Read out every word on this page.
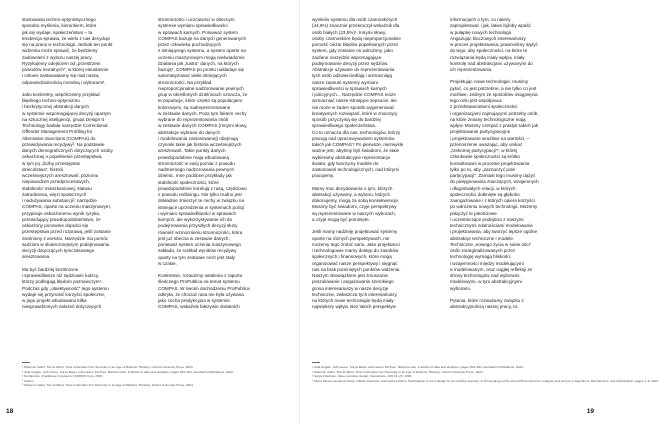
stosowania techno-optymistycznego
sposobu myślenia, kierunkiem, które
jak się wydaje, społeczeństwo – ta
tendencja sprawia, że wielu z nas decyduje
się na pracę w technologii. Jednak ten punkt
widzenia może sprawić, że będziemy
zadowoleni z wyboru naszej pracy.
Ryzykujemy odejściem od „przestrzeni
powodów moralnych”, w której nieustannie
i celowo zastanawiamy się nad naszą
odpowiedzialnością moralną i wyborami¹.

Jako konkretny, współczesny przykład
błędnego techno-optymizmu
i bezkrytycznej abstrakcji danych
w systemie wspomagającej decyzji opartym
na sztucznej inteligencji, grupa Design It
Technology badała narzędzie Correctional
Offender Management Profiling for
Alternative Sanctions (COMPAS) do
przewidywania recydywy². Na podstawie
danych demograficznych dotyczących osoby
oskarżonej o popełnienie przestępstwa,
w tym jej „liczby przestępstw
dzieciństwa”, historii
wcześniejszych aresztowań, poziomu
niepowodzeń przedprocesowych,
stabilności mieszkaniowej, statusu
zatrudnienia, więzi społecznych
i nadużywania substancji³, narzędzie
COMPAS, oparte na uczeniu maszynowym,
przypisuje oskarżonemu wynik ryzyka,
przewidujący prawdopodobieństwo, że
oskarżony ponownie dopuści się
przestępstwa przed rozprawą, jeśli zostanie
zwolniony z aresztu. Narzędzie ma pomóc
sędziom w skuteczniejszym podejmowaniu
decyzji dotyczących tymczasowego
aresztowania.

Ma być bardziej bezstronne
i sprawiedliwsze niż sędziowie ludzcy,
którzy podlegają błędom poznawczym⁴.
Podczas gdy „obiektywność” tego systemu
wydaje się przynosić korzyści społeczne,
w jego projekt wbudowano kilka
niesprawdzonych założeń dotyczących

stronniczości i uczciwości w obecnym
systemie wymiaru sprawiedliwości
w sprawach karnych. Ponieważ system
COMPAS bazuje na danych generowanych
przez człowieka pochodzących
z istniejącego systemu, a system oparte na
uczeniu maszynowym mogą nieświadomie
działania jak „lustra” danych, na których
bazują⁵, COMPAS po prostu naśladuje się
automatyzować wiele istniejących
stronniczości. Na przykład
nieproporcjonalne nadzorowanie pewnych
grup w określonych dzielnicach oznacza, że
te populacje, które często są populacjami
kolorowymi, są nadreprezentowane
w zestawie danych. Poza tym faktem cechy
wybrane do reprezentowania osób
w zestawie danych COMPAS (mnymi słowy,
abstrakcje wybrane do danych
i modelowania zastosowanej) obejmują
czynniki takie jak historia wcześniejszych
aresztowań. Takie punkty danych
prawdopodobnie mają wbudowaną
stronniczość w swój pomiar z powodu
nadmiernego nadzorowania pewnych
dzielnic. Inne podobne przykłady jak
stabilność społeczności, które
prawdopodobnie korelują z rasą, częściowo
z powodu redliningu. Nie tylko trudno jest
dokładnie zmierzyć te cechy w związku na
istniejące uprzedzenia w systemach policji
i wymiaru sprawiedliwości w sprawach
karnych, ale wykorzystywanie ich do
podejmowania przyszłych decyzji służy
również wzmocnieniu stronniczości, która
jest już obecna w zestawie danych,
ponieważ system uczenia maszynowego
zakłada, że rozkład wyników recydywy
oparty na tym zestawie cech jest stały
w czasie.

Konkretnie, rozważmy ustalenia z raportu
śledczego ProPublica na temat systemu
COMPAS. W swoim dochodzeniu ProPublica
odkryła, że chociaż rasa nie była używana
jako cecha predykcyjna w systemie
COMPAS, wskaźnik fałszywie dodatnich

¹ Shannon Vallor. The AI Mirror: How to Reclaim Our Humanity in an Age of Machine Thinking. Oxford University Press, 2024.
² Julia Angwin, Jeff Larson, Surya Mattu, and Lauren Kirchner. Machine bias. In Ethics of data and analytics, pages 254–264. Auerbach Publications, 2022.
³ Northpointe. Practitioner's Guide to COMPAS Core, 2015.
⁴ Ibidem.
⁵ Shannon Vallor. The AI Mirror: How to Reclaim Our Humanity in an Age of Machine Thinking. Oxford University Press, 2024.
18

wyników systemu dla osób czarnoskórych
(44,9%) znacznie przekroczył wskaźnik dla
osób białych (23,5%)¹. Innymi słowy,
osoby czarnoskóre będą nieproporcjonalnie
pomość cieżar błędów popełnianych przez
system, gdy zostanie on wdrożony, jako
zaufane narzędzie wspomagające
podejmowanie decyzji przez sędziów.
Abstrakcje używane do reprezentowania
tych osób odzwierciedlają i wzmacniają
nasze zepsute systemy wymiaru
sprawiedliwości w sprawach karnych
i policyjnych... Narzędzie COMPAS może
wzmacniać nasze istniejące zepsucie, ale
nie może w żaden sposób wygenerować
kreatywnych rozwiązań, które w znaczący
sposób przyczynią się do bardziej
sprawiedliwego społeczeństwa.
Co to oznacza dla nas, technologów, którzy
pracują nad opracowywaniem systemów
takich jak COMPAS? Po pierwsze, niezwykle
ważne jest, abyśmy byli świadomi, że stale
wybieramy abstrakcyjne reprezentacje
świata, gdy tworzymy modele do
zastosowań technologicznych, nad którymi
pracujemy.

Mamy moc decydowania o tym, których
abstrakcji używamy, a wyboru, których
dokonujemy, mogą za sobą konsekwencje.
Musimy być świadomi, czyje perspektywy
są reprezentowane w naszych wyborach,
a czyje mogą być pominięte.

Jeśli mamy nadzieję projektować systemy
oparte na różnych perspektywach, nie
możemy tego zrobić sami. Jako projektanci
i technologowie mamy dostęp do zasobów
społecznych i finansowych, które mogą
organizować nasze perspektywy i sięgnąć
nas na brak pominiętych punktów widzenia.
Naszym obowiązkiem jest zmuszanie
poszukiwanie i angażowanie szerokiego
grona interesariuszy w nasze decyzje
techniczne, zwłaszcza tych interesariuszy,
na których nowe technologie będą miały
największy wpływ. Bez takich perspektyw

informacjach o tym, co należy
zaprojektować i jak, łatwo byłoby wpaść
w pułapkę nowych technologii.
Angażując kluczowych interesariuszy
w proces projektowania, powinniśmy dążyć
do tego, aby społeczności, na które te
rozwiązania będą miały wpływ, miały
kontrolę nad abstrakcjami używanymi do
ich reprezentowania.

Projektując nowe technologie, musimy
pytać, co jest potrzebne, a nie tylko co jest
możliwe. Jednym ze sposobów osiągnięcia
tego celu jest współpraca
z przedstawicielami społeczności
i organizacjami zajmującymi potrzeby osób,
na które zmiany technologiczne mają
wpływ. Musimy czerpać z praktyk takich jak
projektowanie partycypacyjne
i projektowanie wrażliwe na wartości, –
przenoszenie uważając, aby unikać
„rzekomej partycypacji”¹, w której
członkowie społeczności są krótko
konsultowani w procesie projektowania
tylko po to, aby „zaznaczyć pole
partycypacji”. Zamiast tego musimy dążyć
do pielęgnowania znaczących, wzajemnych
i długotrwałych relacji, w których
społeczności dotknięte są głęboko
zaangażowane i z których opiera korzyści
po wdrożeniu nowych technologii. Możemy
połączyć te jakościowe
i uczestniczące podejścia z naszymi
technicznymi zdolnościami modelowania
i projektowania, aby tworzyć lepsze ogólne
abstrakcje techniczne i modele.
Techniczne „nowego życia w sukie ości”
osób zmarginalizowanych przez
technologię wymagą bliskości
i wzajemności między modelującymi
a modelowanym, oraz ciągłej refleksji ze
strony technologów nad wyborami
modelowymi, w tym abstrakcyjnymi
wyborami.

Pytania, które rozważamy związku z
abstrakcyjnością naszej pracy, to:

¹ Julia Angwin, Jeff Larson, Surya Mattu, and Lauren Kirchner. Machine bias. In Ethics of data and analytics, pages 254–264. Auerbach Publications, 2022.
² Shannon Vallor. The AI Mirror: How to Reclaim Our Humanity in an Age of Machine Thinking. Oxford University Press, 2024.
³ Surya Friedman. Value sensitive design. Interactions, 3(6):16–23, 1996.
⁴ Mona Sloane, Emanuel Moss, Olaitan Awomolo, and Laura Forlano. Participation is not a design fix for machine learning. In Proceedings of the 2nd ACM Conference on Equity and Access in Algorithms, Mechanisms, and Optimization, pages 1–6, 2022.
19
